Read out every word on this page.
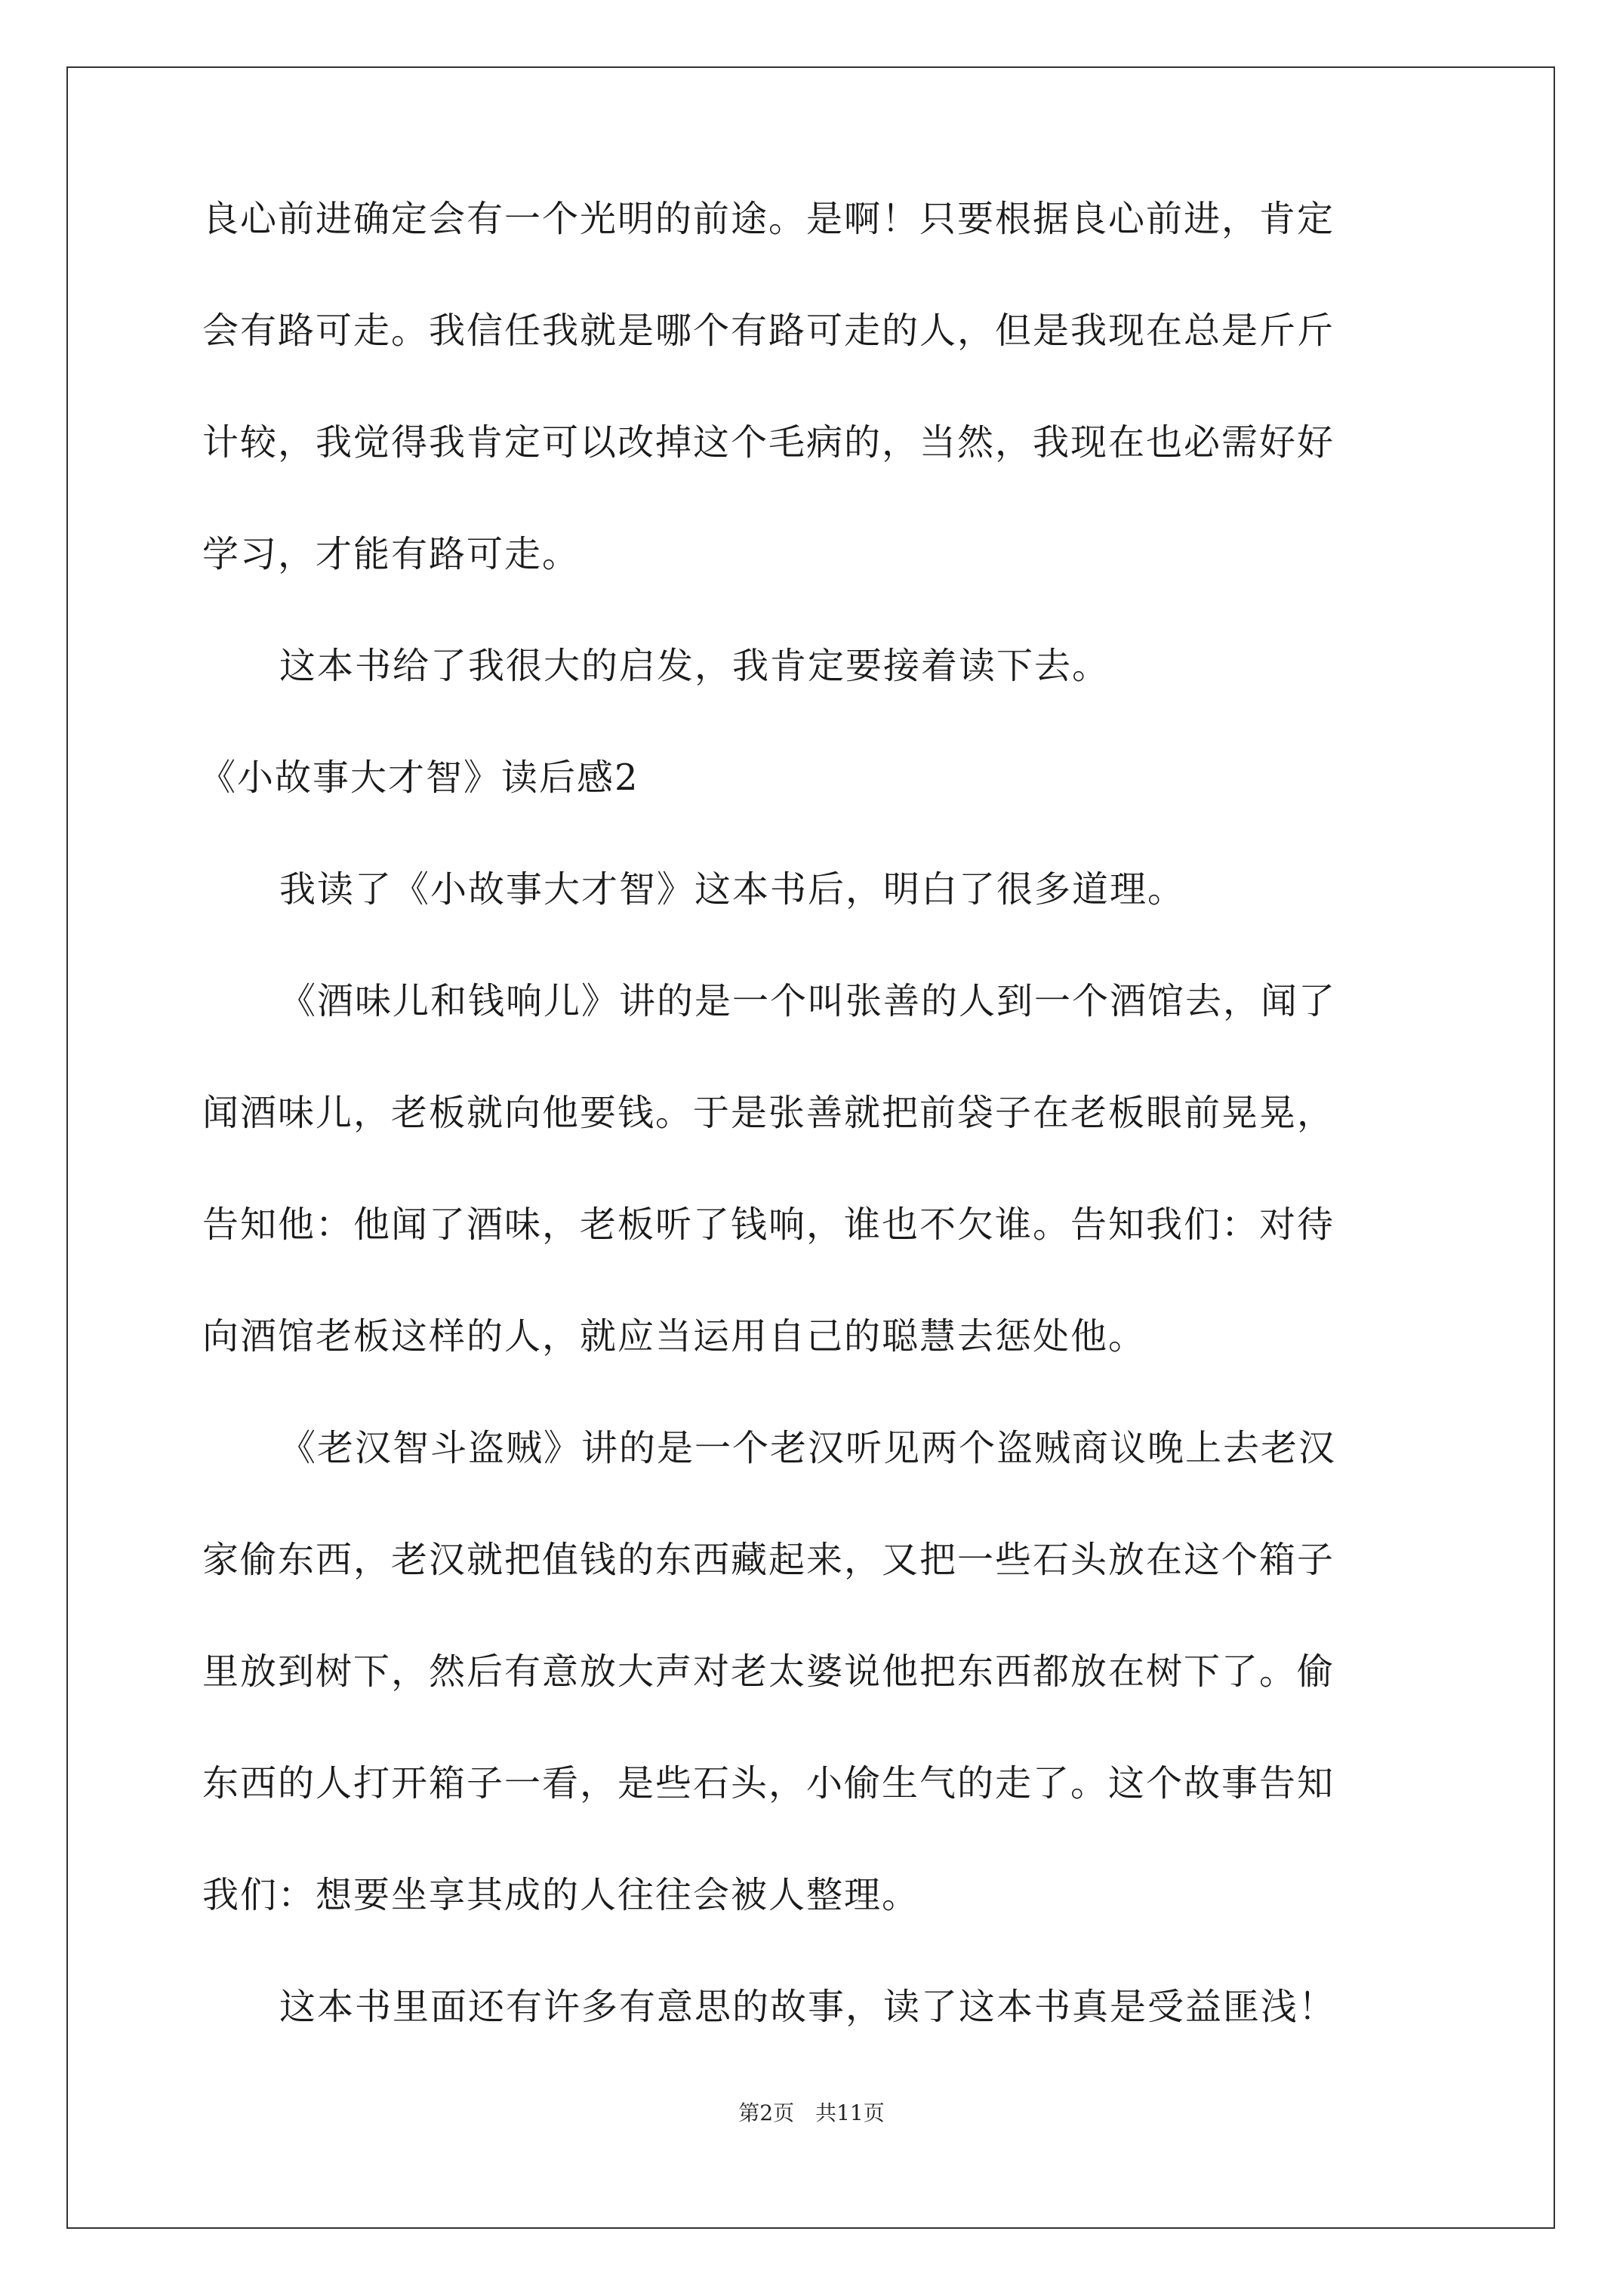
良心前进确定会有一个光明的前途。是啊！只要根据良心前进，肯定
会有路可走。我信任我就是哪个有路可走的人，但是我现在总是斤斤
计较，我觉得我肯定可以改掉这个毛病的，当然，我现在也必需好好
学习，才能有路可走。
这本书给了我很大的启发，我肯定要接着读下去。
《小故事大才智》读后感2
我读了《小故事大才智》这本书后，明白了很多道理。
《酒味儿和钱响儿》讲的是一个叫张善的人到一个酒馆去，闻了
闻酒味儿，老板就向他要钱。于是张善就把前袋子在老板眼前晃晃，
告知他：他闻了酒味，老板听了钱响，谁也不欠谁。告知我们：对待
向酒馆老板这样的人，就应当运用自己的聪慧去惩处他。
《老汉智斗盗贼》讲的是一个老汉听见两个盗贼商议晚上去老汉
家偷东西，老汉就把值钱的东西藏起来，又把一些石头放在这个箱子
里放到树下，然后有意放大声对老太婆说他把东西都放在树下了。偷
东西的人打开箱子一看，是些石头，小偷生气的走了。这个故事告知
我们：想要坐享其成的人往往会被人整理。
这本书里面还有许多有意思的故事，读了这本书真是受益匪浅！
第2页　共11页
